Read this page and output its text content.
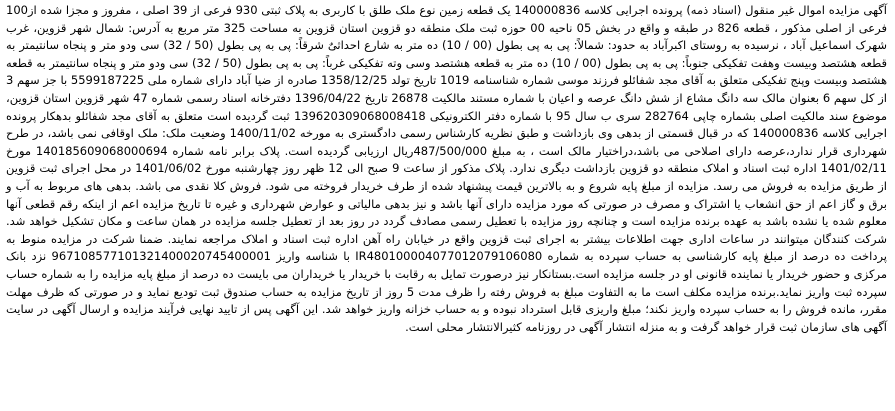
آگهی مزایده اموال غیر منقول (اسناد ذمه) پرونده اجرایی کلاسه 140000836 یک قطعه زمین نوع ملک طلق با کاربری به پلاک ثبتی 930 فرعی از 39 اصلی ، مفروز و مجزا شده از100 فرعی از اصلی مذکور ، قطعه 826 در طبقه و واقع در بخش 05 ناحیه 00 حوزه ثبت ملک منطقه دو قزوین استان قزوین به مساحت 325 متر مربع به آدرس: شمال شهر قزوین، غرب شهرک اسماعیل آباد ، نرسیده به روستای اکبرآباد به حدود: شمالاً: پی به پی بطول (00 / 10) ده متر به شارع احداثیٌ شرقاً: پی به پی بطول (50 / 32) سی ودو متر و پنجاه سانتیمتر به قطعه هشتصد وبیست وهفت تفکیکی جنوباً: پی به پی بطول (00 / 10) ده متر به قطعه هشتصد وسی وته تفکیکی غرباً: پی به پی بطول (50 / 32) سی ودو متر و پنجاه سانتیمتر به قطعه هشتصد وبیست وپنج تفکیکی متعلق به آقای مجد شفائلو فرزند موسی شماره شناسنامه 1019 تاریخ تولد 1358/12/25 صادره از ضیا آباد دارای شماره ملی 5599187225 با جز سهم 3 از کل سهم 6 بعنوان مالک سه دانگ مشاع از شش دانگ عرصه و اعیان با شماره مستند مالکیت 26878 تاریخ 1396/04/22 دفترخانه اسناد رسمی شماره 47 شهر قزوین استان قزوین، موضوع سند مالکیت اصلی بشماره چاپی 282764 سری ب سال 95 با شماره دفتر الکترونیکی 139620309068008418 ثبت گردیده است متعلق به آقای مجد شفائلو بدهکار پرونده اجرایی کلاسه 140000836 که در قبال قسمتی از بدهی وی بازداشت و طبق نظریه کارشناس رسمی دادگستری به مورخه 1400/11/02 وضعیت ملک: ملک اوقافی نمی باشد، در طرح شهرداری قرار ندارد،عرصه دارای اصلاحی می باشد،دراختیار مالک است ، به مبلغ 487/500/000ریال ارزیابی گردیده است. پلاک برابر نامه شماره 140185609068000694 مورخ 1401/02/11 اداره ثبت اسناد و املاک منطقه دو قزوین بازداشت دیگری ندارد. پلاک مذکور از ساعت 9 صبح الی 12 ظهر روز چهارشنبه مورخ 1401/06/02 در محل اجرای ثبت قزوین از طریق مزایده به فروش می رسد. مزایده از مبلغ پایه شروع و به بالاترین قیمت پیشنهاد شده از طرف خریدار فروخته می شود. فروش کلا نقدی می باشد. بدهی های مربوط به آب و برق و گاز اعم از حق انشعاب یا اشتراک و مصرف در صورتی که مورد مزایده دارای آنها باشد و نیز بدهی مالیاتی و عوارض شهرداری و غیره تا تاریخ مزایده اعم از اینکه رقم قطعی آنها معلوم شده یا نشده باشد به عهده برنده مزایده است و چنانچه روز مزایده با تعطیل رسمی مصادف گردد در روز بعد از تعطیل جلسه مزایده در همان ساعت و مکان تشکیل خواهد شد. شرکت کنندگان میتوانند در ساعات اداری جهت اطلاعات بیشتر به اجرای ثبت قزوین واقع در خیابان راه آهن اداره ثبت اسناد و املاک مراجعه نمایند. ضمنا شرکت در مزایده منوط به پرداخت ده درصد از مبلغ پایه کارشناسی به حساب سپرده به شماره IR480100004077012079106080 با شناسه واریز 967108577101321400020745400001 نزد بانک مرکزی و حضور خریدار یا نماینده قانونی او در جلسه مزایده است.بستانکار نیز درصورت تمایل به رقابت با خریدار یا خریداران می بایست ده درصد از مبلغ پایه مزایده را به شماره حساب سپرده ثبت واریز نماید.برنده مزایده مکلف است ما به التفاوت مبلغ به فروش رفته را ظرف مدت 5 روز از تاریخ مزایده به حساب صندوق ثبت تودیع نماید و در صورتی که ظرف مهلت مقرر، مانده فروش را به حساب سپرده واریز نکند؛ مبلغ واریزی قابل استرداد نبوده و به حساب خزانه واریز خواهد شد. این آگهی پس از تایید نهایی فرآیند مزایده و ارسال آگهی در سایت آگهی های سازمان ثبت قرار خواهد گرفت و به منزله انتشار آگهی در روزنامه کثیرالانتشار محلی است.
